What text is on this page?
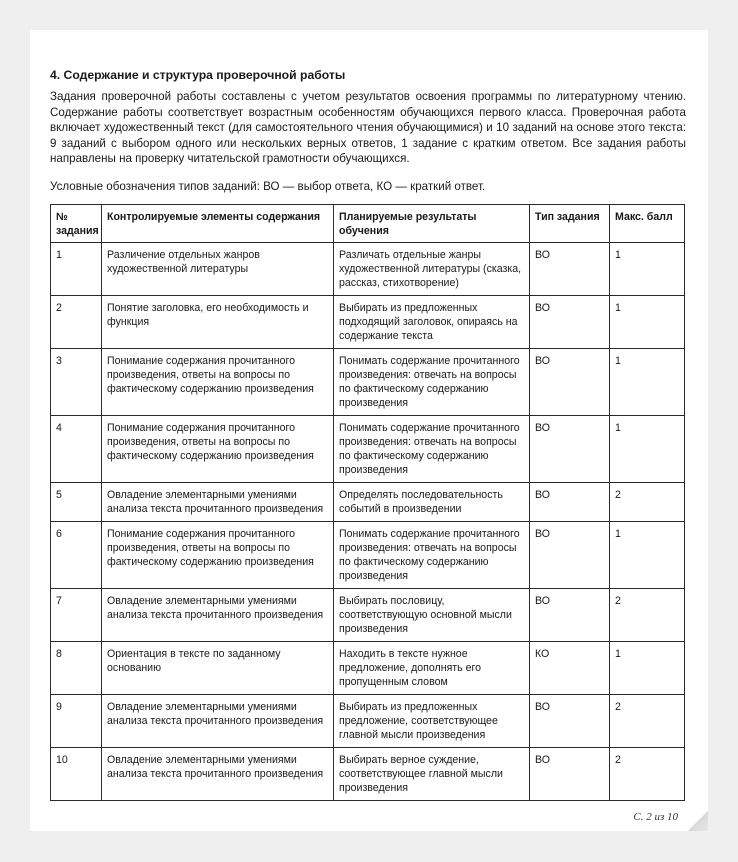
4. Содержание и структура проверочной работы

Задания проверочной работы составлены с учетом результатов освоения программы по литературному чтению. Содержание работы соответствует возрастным особенностям обучающихся первого класса. Проверочная работа включает художественный текст (для самостоятельного чтения обучающимися) и 10 заданий на основе этого текста: 9 заданий с выбором одного или нескольких верных ответов, 1 задание с кратким ответом. Все задания работы направлены на проверку читательской грамотности обучающихся.

Условные обозначения типов заданий: ВО — выбор ответа, КО — краткий ответ.

№ задания	Контролируемые элементы содержания	Планируемые результаты обучения	Тип задания	Макс. балл
1	Различение отдельных жанров художественной литературы	Различать отдельные жанры художественной литературы (сказка, рассказ, стихотворение)	ВО	1
2	Понятие заголовка, его необходимость и функция	Выбирать из предложенных подходящий заголовок, опираясь на содержание текста	ВО	1
3	Понимание содержания прочитанного произведения, ответы на вопросы по фактическому содержанию произведения	Понимать содержание прочитанного произведения: отвечать на вопросы по фактическому содержанию произведения	ВО	1
4	Понимание содержания прочитанного произведения, ответы на вопросы по фактическому содержанию произведения	Понимать содержание прочитанного произведения: отвечать на вопросы по фактическому содержанию произведения	ВО	1
5	Овладение элементарными умениями анализа текста прочитанного произведения	Определять последовательность событий в произведении	ВО	2
6	Понимание содержания прочитанного произведения, ответы на вопросы по фактическому содержанию произведения	Понимать содержание прочитанного произведения: отвечать на вопросы по фактическому содержанию произведения	ВО	1
7	Овладение элементарными умениями анализа текста прочитанного произведения	Выбирать пословицу, соответствующую основной мысли произведения	ВО	2
8	Ориентация в тексте по заданному основанию	Находить в тексте нужное предложение, дополнять его пропущенным словом	КО	1
9	Овладение элементарными умениями анализа текста прочитанного произведения	Выбирать из предложенных предложение, соответствующее главной мысли произведения	ВО	2
10	Овладение элементарными умениями анализа текста прочитанного произведения	Выбирать верное суждение, соответствующее главной мысли произведения	ВО	2
С. 2 из 10
